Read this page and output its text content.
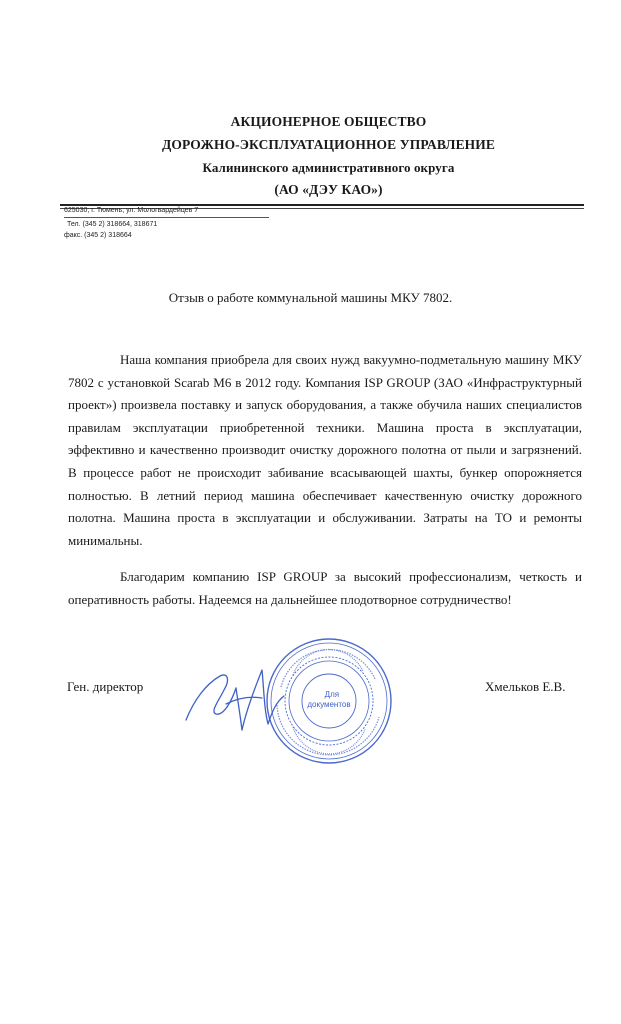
АКЦИОНЕРНОЕ ОБЩЕСТВО
ДОРОЖНО-ЭКСПЛУАТАЦИОННОЕ УПРАВЛЕНИЕ
Калининского административного округа
(АО «ДЭУ КАО»)
625030, г. Тюмень, ул. Мологвардейцев 7
Тел. (345 2) 318664, 318671
факс. (345 2) 318664
Отзыв о работе коммунальной машины МКУ 7802.

Наша компания приобрела для своих нужд вакуумно-подметальную машину МКУ 7802 с установкой Scarab M6 в 2012 году. Компания ISP GROUP (ЗАО «Инфраструктурный проект») произвела поставку и запуск оборудования, а также обучила наших специалистов правилам эксплуатации приобретенной техники. Машина проста в эксплуатации, эффективно и качественно производит очистку дорожного полотна от пыли и загрязнений. В процессе работ не происходит забивание всасывающей шахты, бункер опорожняется полностью. В летний период машина обеспечивает качественную очистку дорожного полотна. Машина проста в эксплуатации и обслуживании. Затраты на ТО и ремонты минимальны.

Благодарим компанию ISP GROUP за высокий профессионализм, четкость и оперативность работы. Надеемся на дальнейшее плодотворное сотрудничество!

Ген. директор	Хмельков Е.В.
Для документов
